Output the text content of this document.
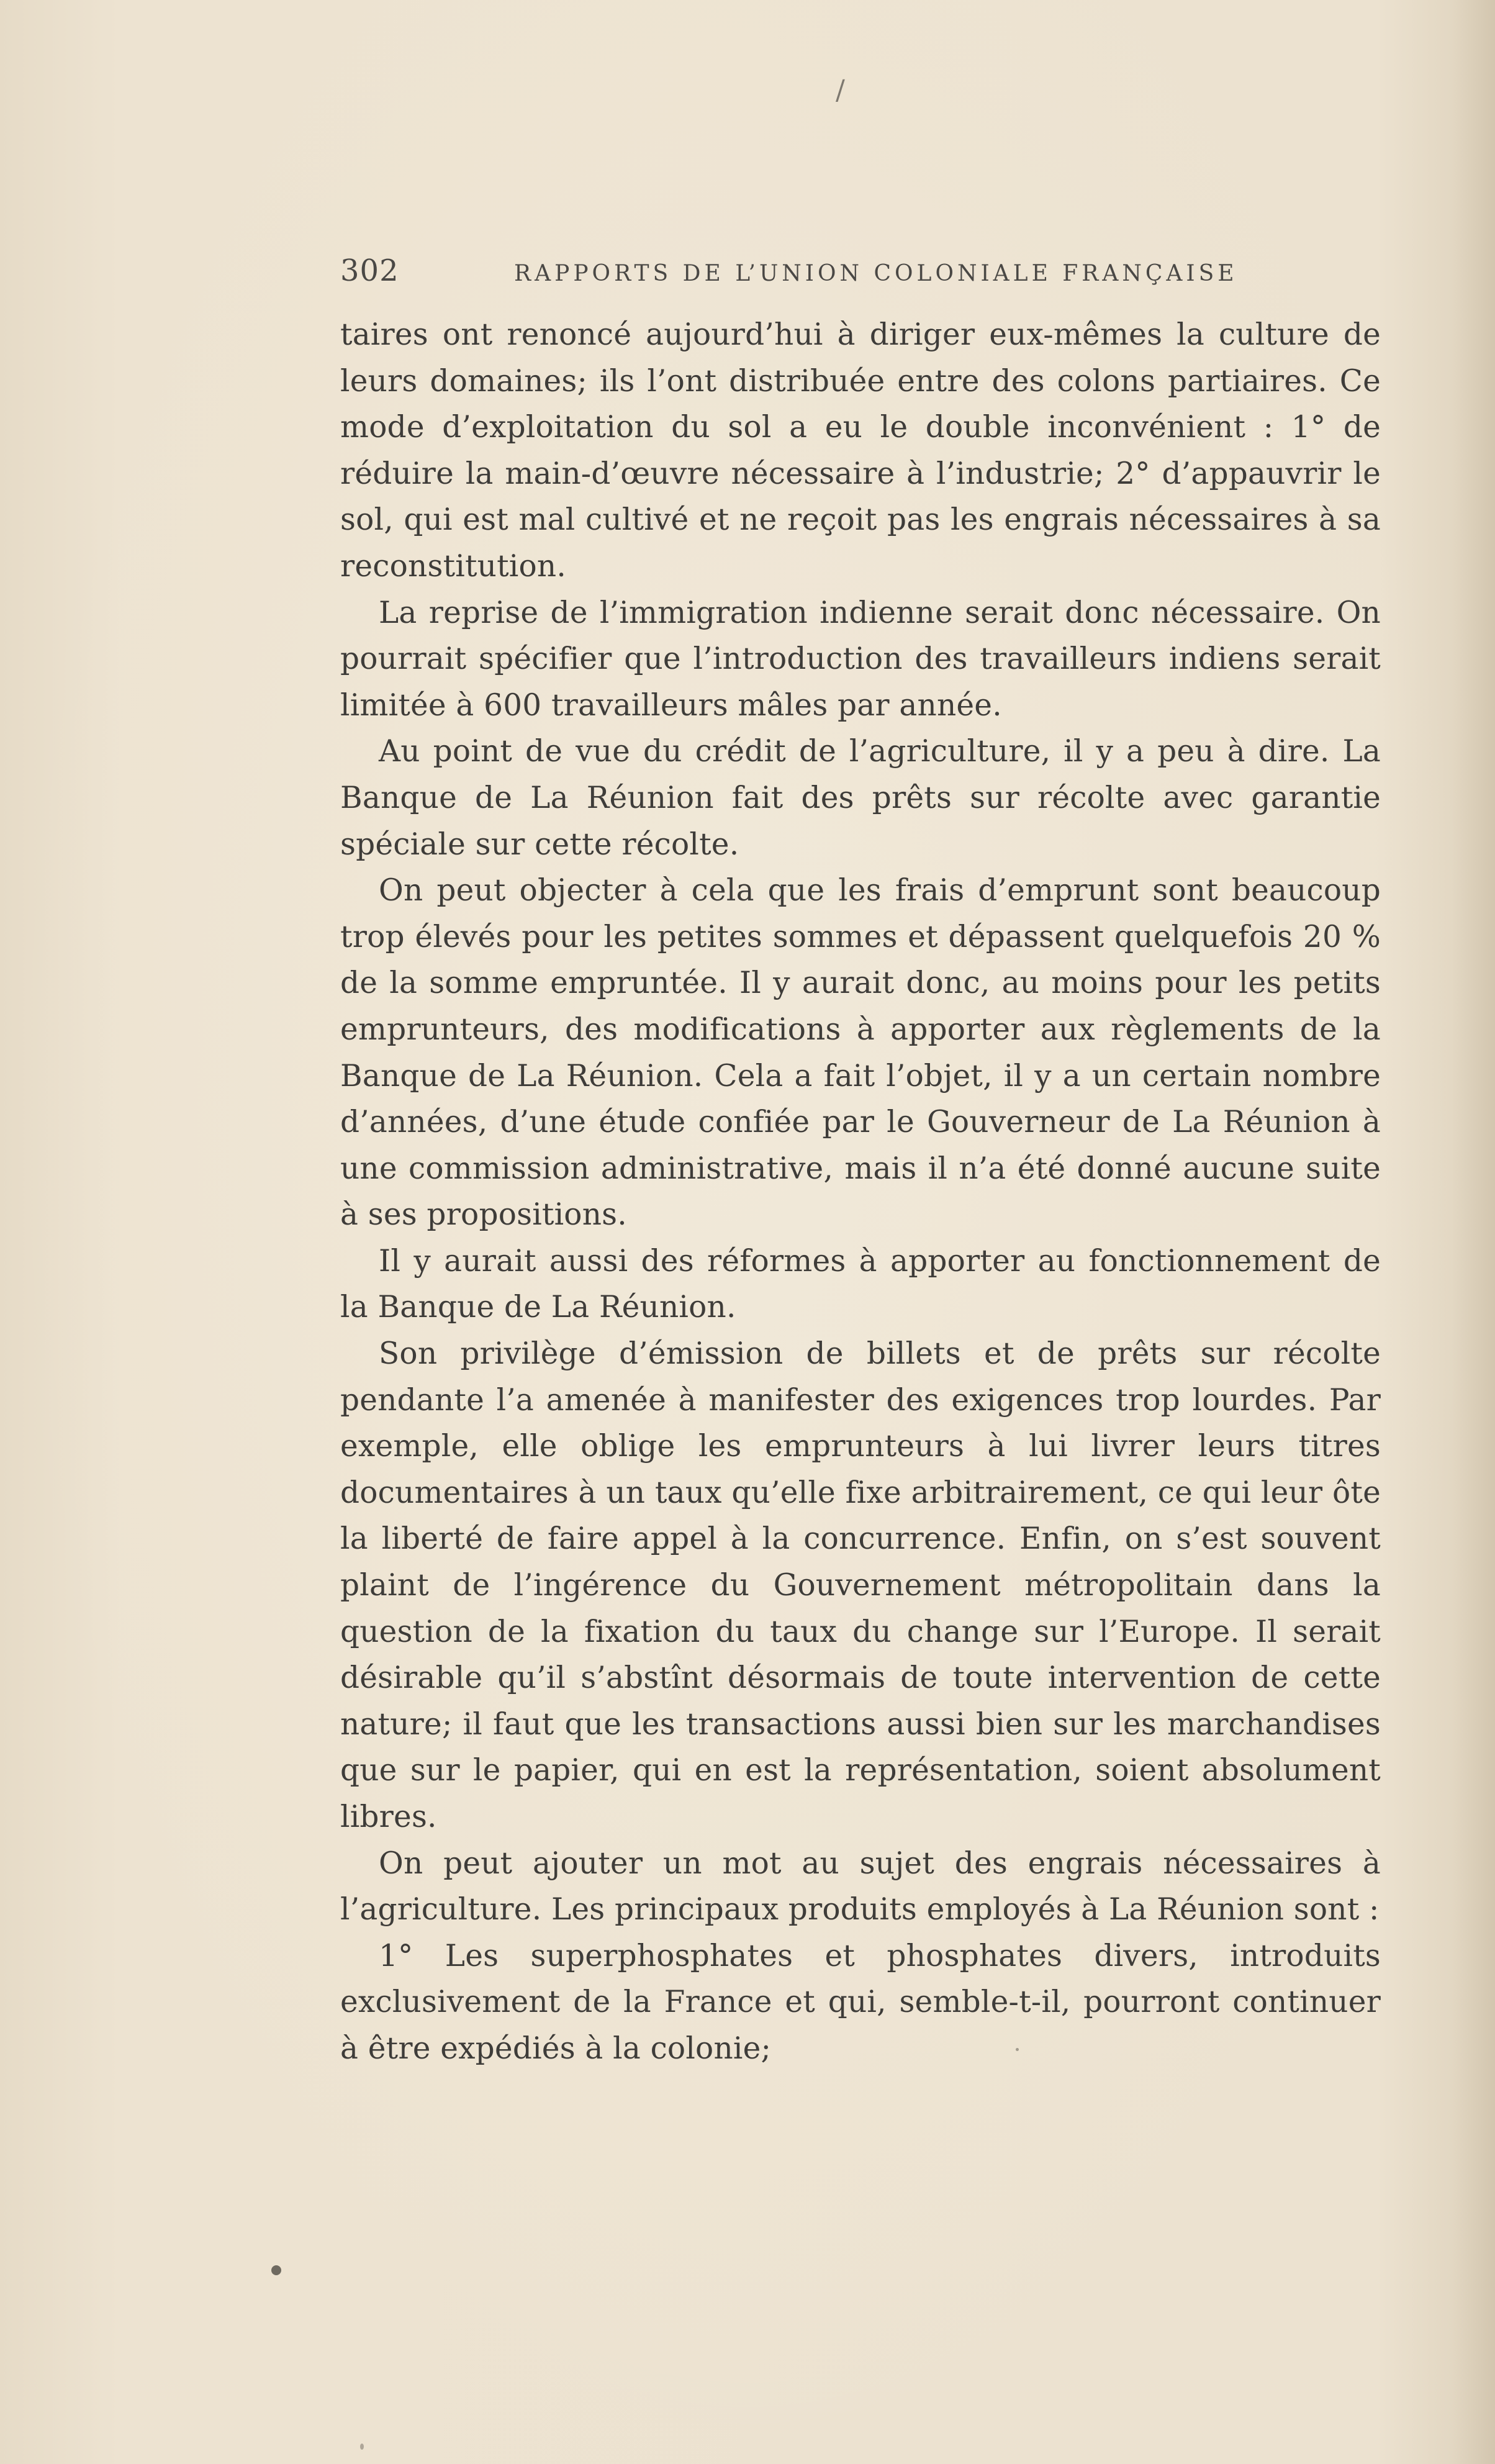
/
302	RAPPORTS DE L’UNION COLONIALE FRANÇAISE

taires ont renoncé aujourd’hui à diriger eux-mêmes la culture de leurs domaines; ils l’ont distribuée entre des colons partiaires. Ce mode d’exploitation du sol a eu le double inconvénient : 1° de réduire la main-d’œuvre nécessaire à l’industrie; 2° d’appauvrir le sol, qui est mal cultivé et ne reçoit pas les engrais nécessaires à sa reconstitution.

La reprise de l’immigration indienne serait donc nécessaire. On pourrait spécifier que l’introduction des travailleurs indiens serait limitée à 600 travailleurs mâles par année.

Au point de vue du crédit de l’agriculture, il y a peu à dire. La Banque de La Réunion fait des prêts sur récolte avec garantie spéciale sur cette récolte.

On peut objecter à cela que les frais d’emprunt sont beaucoup trop élevés pour les petites sommes et dépassent quelquefois 20 % de la somme empruntée. Il y aurait donc, au moins pour les petits emprunteurs, des modifications à apporter aux règlements de la Banque de La Réunion. Cela a fait l’objet, il y a un certain nombre d’années, d’une étude confiée par le Gouverneur de La Réunion à une commission administrative, mais il n’a été donné aucune suite à ses propositions.

Il y aurait aussi des réformes à apporter au fonctionnement de la Banque de La Réunion.

Son privilège d’émission de billets et de prêts sur récolte pendante l’a amenée à manifester des exigences trop lourdes. Par exemple, elle oblige les emprunteurs à lui livrer leurs titres documentaires à un taux qu’elle fixe arbitrairement, ce qui leur ôte la liberté de faire appel à la concurrence. Enfin, on s’est souvent plaint de l’ingérence du Gouvernement métropolitain dans la question de la fixation du taux du change sur l’Europe. Il serait désirable qu’il s’abstînt désormais de toute intervention de cette nature; il faut que les transactions aussi bien sur les marchandises que sur le papier, qui en est la représentation, soient absolument libres.

On peut ajouter un mot au sujet des engrais nécessaires à l’agriculture. Les principaux produits employés à La Réunion sont :

1° Les superphosphates et phosphates divers, introduits exclusivement de la France et qui, semble-t-il, pourront continuer à être expédiés à la colonie;
